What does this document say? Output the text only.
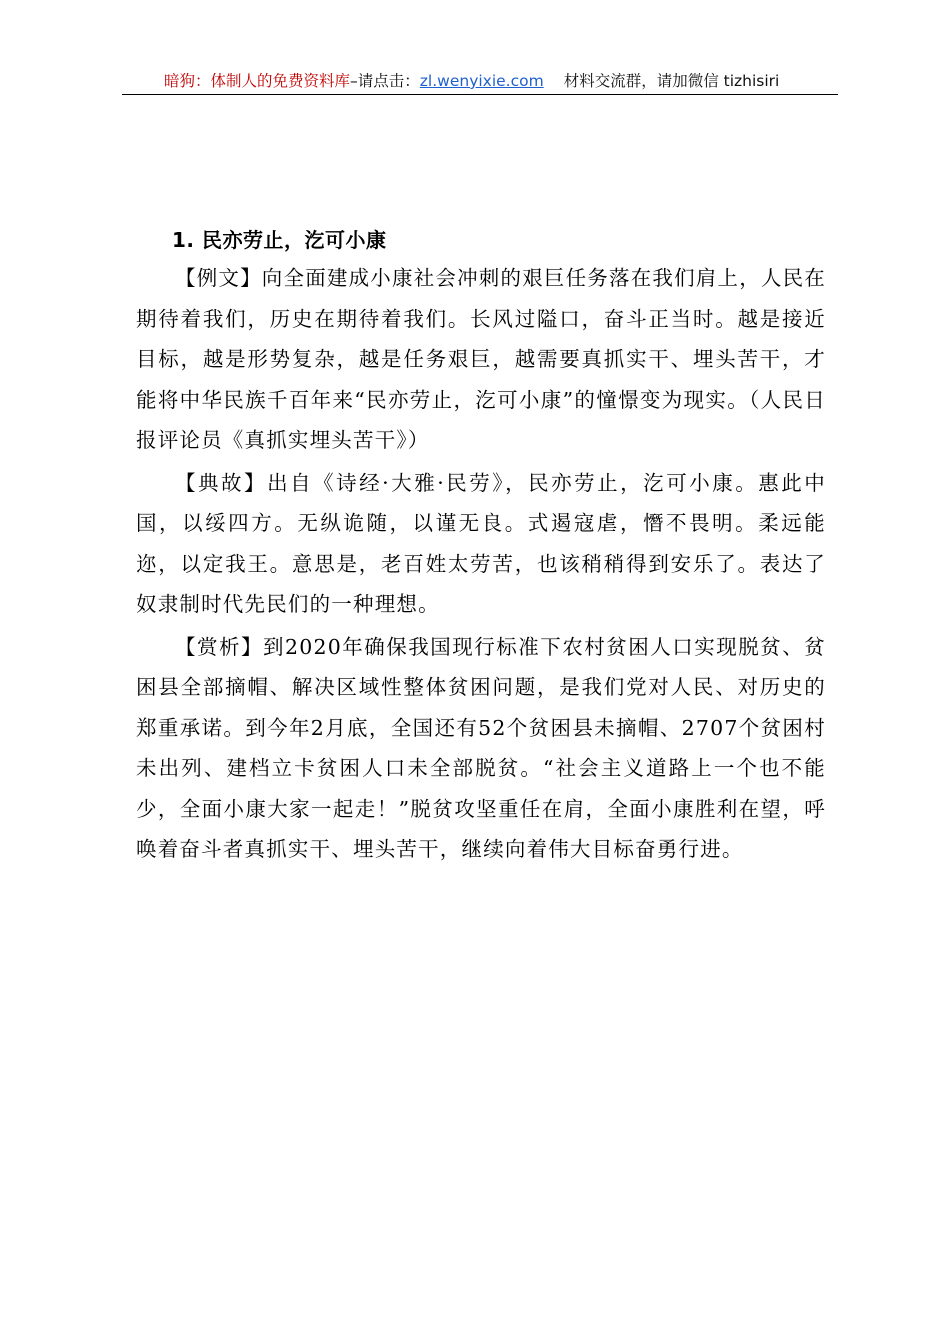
暗狗：体制人的免费资料库–请点击：zl.wenyixie.com 材料交流群，请加微信 tizhisiri
1. 民亦劳止，汔可小康

【例文】向全面建成小康社会冲刺的艰巨任务落在我们肩上，人民在期待着我们，历史在期待着我们。长风过隘口，奋斗正当时。越是接近目标，越是形势复杂，越是任务艰巨，越需要真抓实干、埋头苦干，才能将中华民族千百年来“民亦劳止，汔可小康”的憧憬变为现实。（人民日报评论员《真抓实埋头苦干》）

【典故】出自《诗经·大雅·民劳》，民亦劳止，汔可小康。惠此中国，以绥四方。无纵诡随，以谨无良。式遏寇虐，憯不畏明。柔远能迩，以定我王。意思是，老百姓太劳苦，也该稍稍得到安乐了。表达了奴隶制时代先民们的一种理想。

【赏析】到2020年确保我国现行标准下农村贫困人口实现脱贫、贫困县全部摘帽、解决区域性整体贫困问题，是我们党对人民、对历史的郑重承诺。到今年2月底，全国还有52个贫困县未摘帽、2707个贫困村未出列、建档立卡贫困人口未全部脱贫。“社会主义道路上一个也不能少，全面小康大家一起走！”脱贫攻坚重任在肩，全面小康胜利在望，呼唤着奋斗者真抓实干、埋头苦干，继续向着伟大目标奋勇行进。
